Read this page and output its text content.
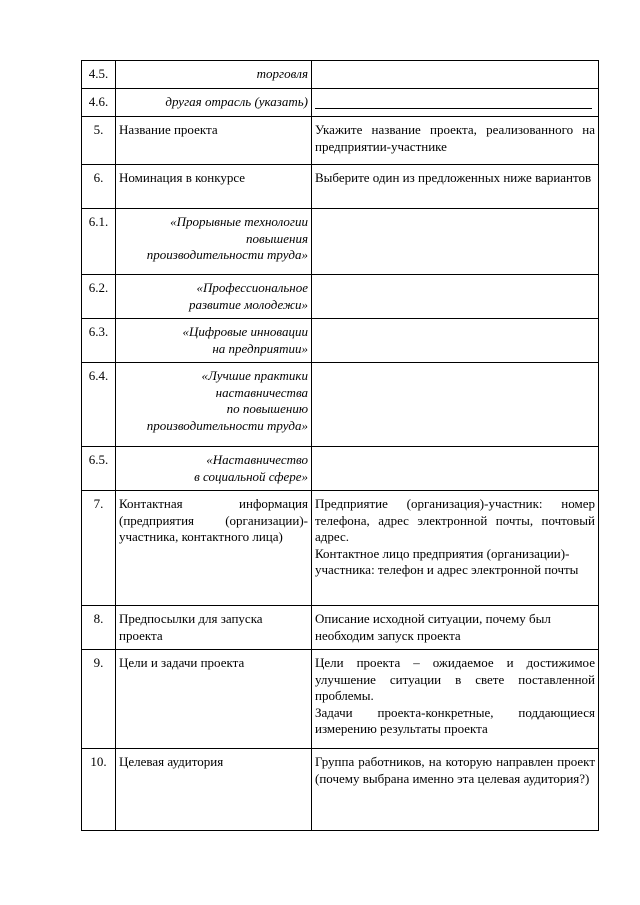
4.5.	торговля	
4.6.	другая отрасль (указать)	

5.	Название проекта	Укажите название проекта, реализованного на предприятии-участнике
6.	Номинация в конкурсе	Выберите один из предложенных ниже вариантов
6.1.	«Прорывные технологии
повышения
производительности труда»	
6.2.	«Профессиональное
развитие молодежи»	
6.3.	«Цифровые инновации
на предприятии»	
6.4.	«Лучшие практики
наставничества
по повышению
производительности труда»	
6.5.	«Наставничество
в социальной сфере»	
7.	Контактная информация (предприятия (организации)-участника, контактного лица)	Предприятие (организация)-участник: номер телефона, адрес электронной почты, почтовый адрес.
Контактное лицо предприятия (организации)-участника: телефон и адрес электронной почты

8.	Предпосылки для запуска проекта	Описание исходной ситуации, почему был необходим запуск проекта
9.	Цели и задачи проекта	Цели проекта – ожидаемое и достижимое улучшение ситуации в свете поставленной проблемы.
Задачи проекта-конкретные, поддающиеся измерению результаты проекта

10.	Целевая аудитория	Группа работников, на которую направлен проект (почему выбрана именно эта целевая аудитория?)
